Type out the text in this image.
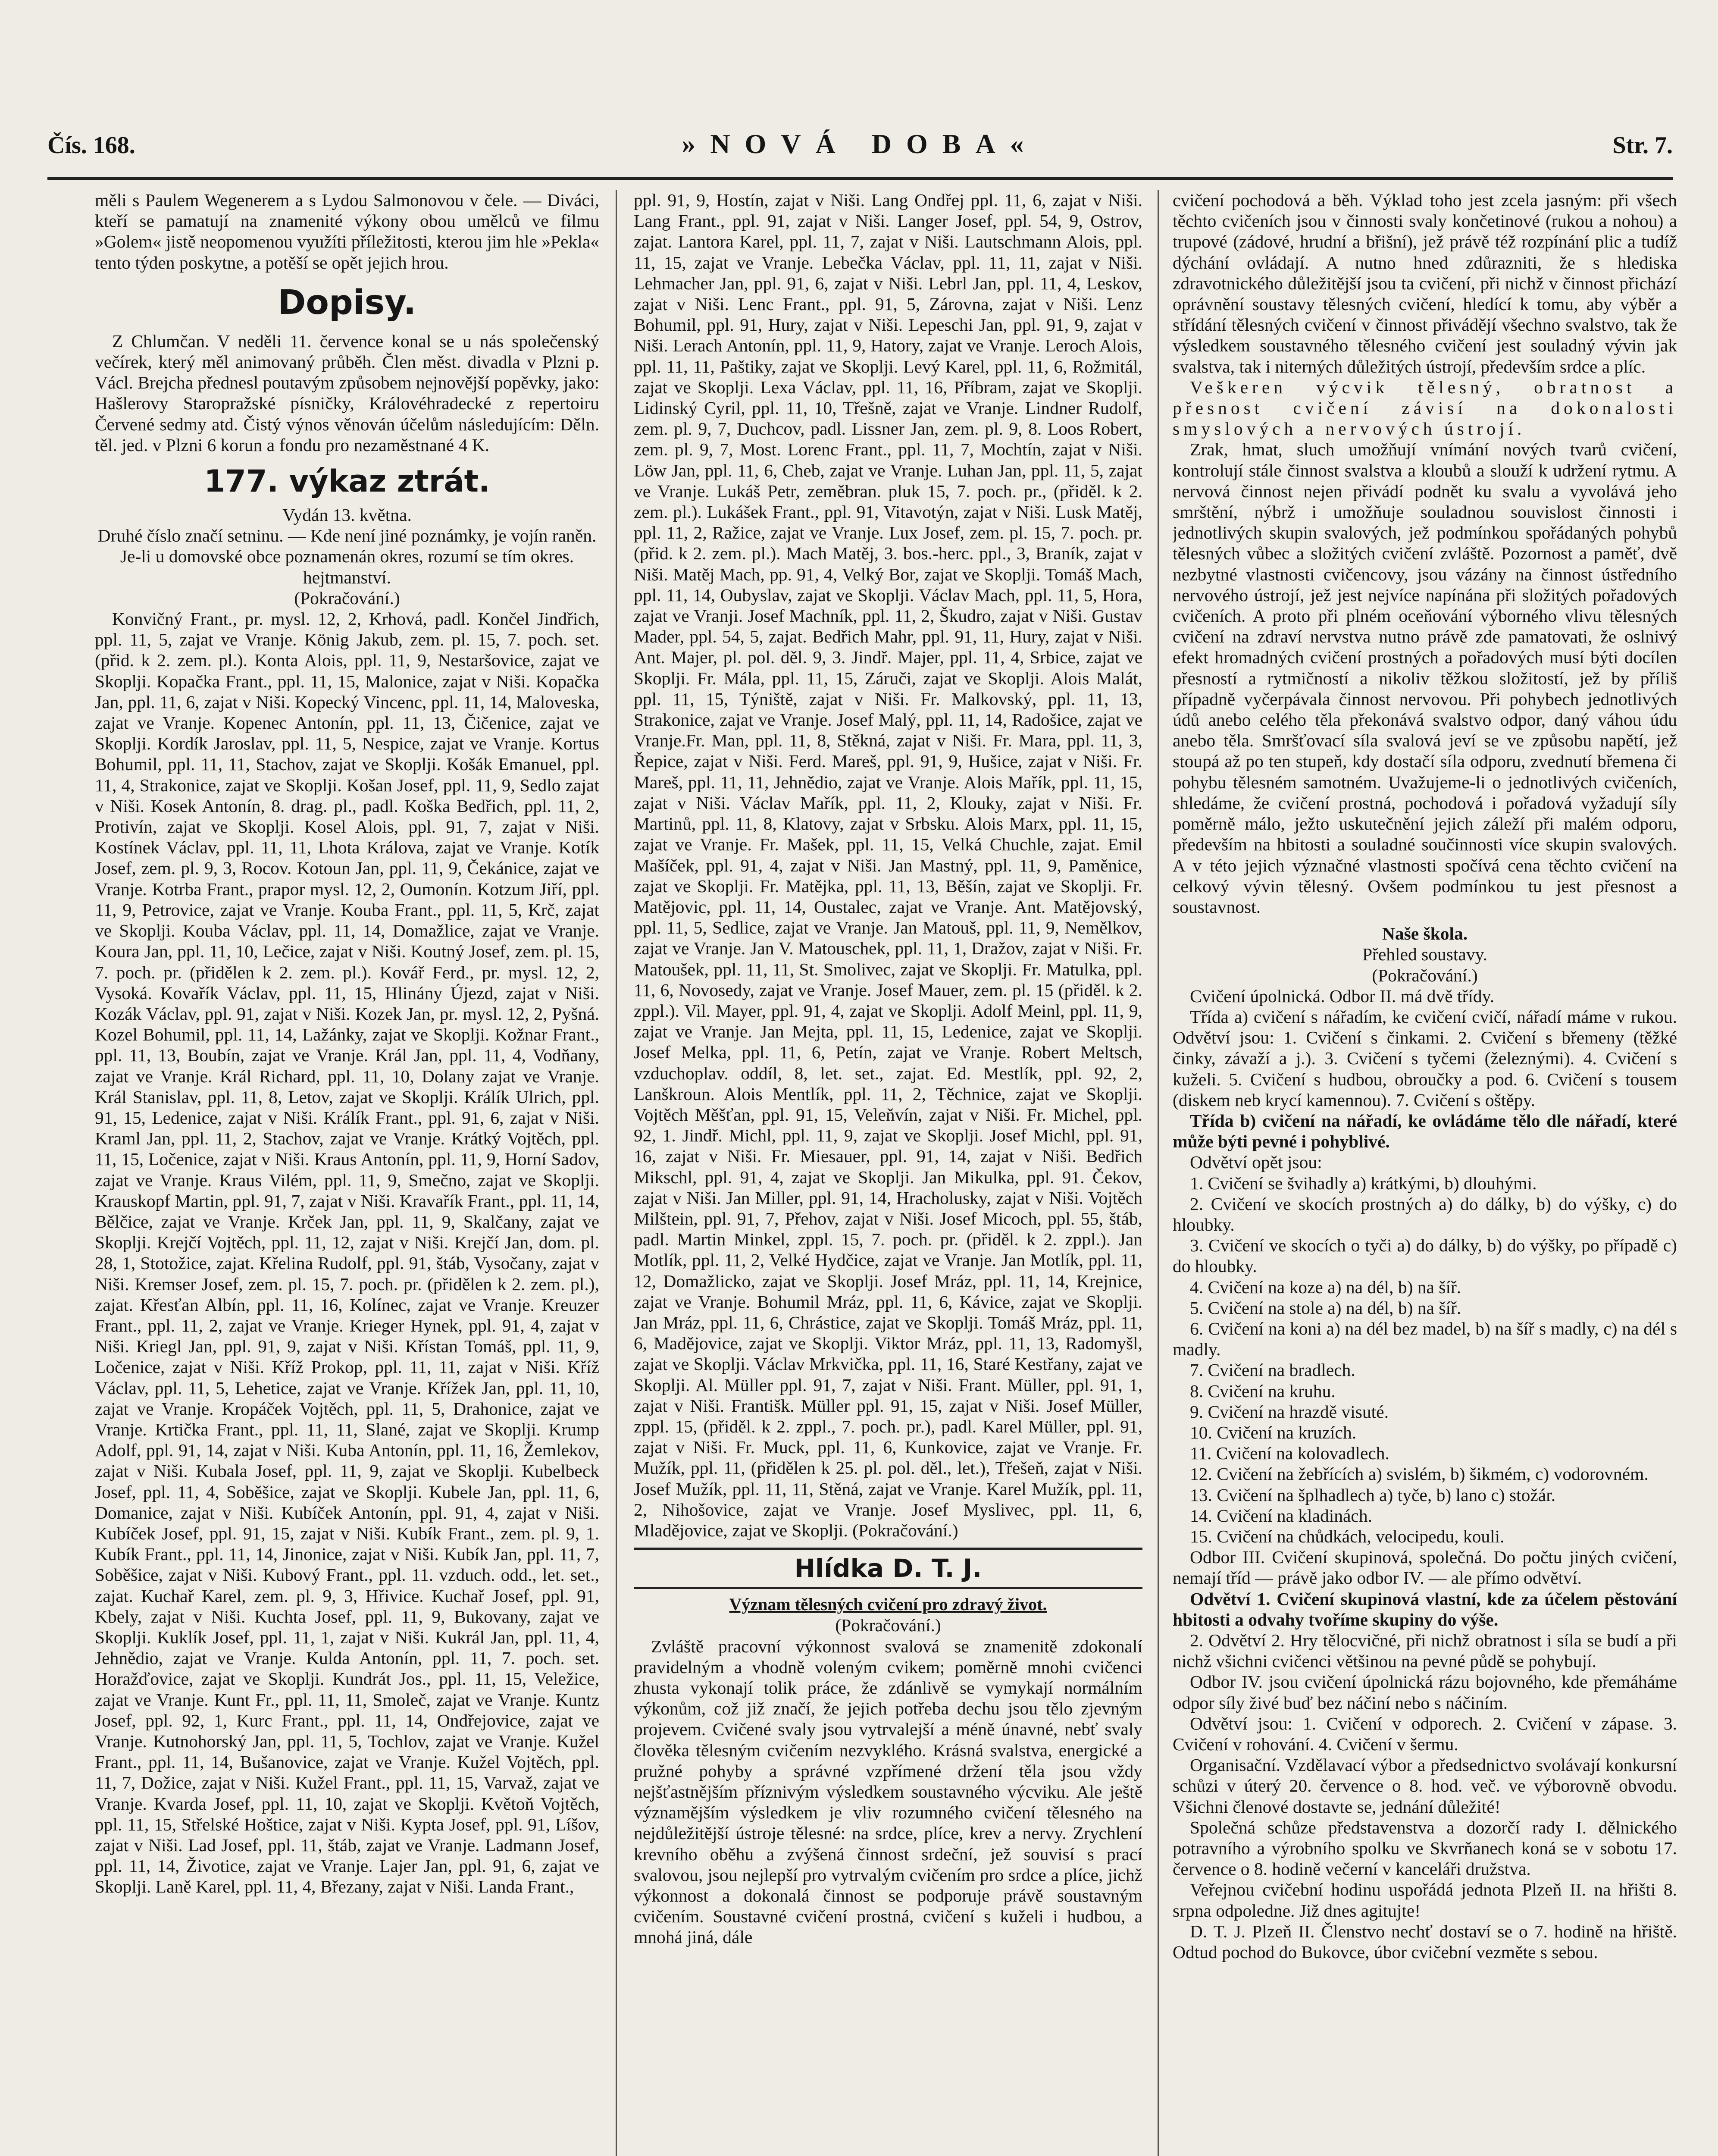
Čís. 168.	»NOVÁ DOBA«	Str. 7.

měli s Paulem Wegenerem a s Lydou Salmonovou v čele. — Diváci, kteří se pamatují na znamenité výkony obou umělců ve filmu »Golem« jistě neopomenou využíti příležitosti, kterou jim hle »Pekla« tento týden poskytne, a potěší se opět jejich hrou.

Dopisy.

Z Chlumčan. V neděli 11. července konal se u nás společenský večírek, který měl animovaný průběh. Člen měst. divadla v Plzni p. Václ. Brejcha přednesl poutavým způsobem nejnovější popěvky, jako: Hašlerovy Staropražské písničky, Královéhradecké z repertoiru Červené sedmy atd. Čistý výnos věnován účelům následujícím: Děln. těl. jed. v Plzni 6 korun a fondu pro nezaměstnané 4 K.

177. výkaz ztrát.

Vydán 13. května.

Druhé číslo značí setninu. — Kde není jiné poznámky, je vojín raněn.

Je-li u domovské obce poznamenán okres, rozumí se tím okres. hejtmanství.

(Pokračování.)

Konvičný Frant., pr. mysl. 12, 2, Krhová, padl. Končel Jindřich, ppl. 11, 5, zajat ve Vranje. König Jakub, zem. pl. 15, 7. poch. set. (přid. k 2. zem. pl.). Konta Alois, ppl. 11, 9, Nestaršovice, zajat ve Skoplji. Kopačka Frant., ppl. 11, 15, Malonice, zajat v Niši. Kopačka Jan, ppl. 11, 6, zajat v Niši. Kopecký Vincenc, ppl. 11, 14, Maloveska, zajat ve Vranje. Kopenec Antonín, ppl. 11, 13, Čičenice, zajat ve Skoplji. Kordík Jaroslav, ppl. 11, 5, Nespice, zajat ve Vranje. Kortus Bohumil, ppl. 11, 11, Stachov, zajat ve Skoplji. Košák Emanuel, ppl. 11, 4, Strakonice, zajat ve Skoplji. Košan Josef, ppl. 11, 9, Sedlo zajat v Niši. Kosek Antonín, 8. drag. pl., padl. Koška Bedřich, ppl. 11, 2, Protivín, zajat ve Skoplji. Kosel Alois, ppl. 91, 7, zajat v Niši. Kostínek Václav, ppl. 11, 11, Lhota Králova, zajat ve Vranje. Kotík Josef, zem. pl. 9, 3, Rocov. Kotoun Jan, ppl. 11, 9, Čekánice, zajat ve Vranje. Kotrba Frant., prapor mysl. 12, 2, Oumonín. Kotzum Jiří, ppl. 11, 9, Petrovice, zajat ve Vranje. Kouba Frant., ppl. 11, 5, Krč, zajat ve Skoplji. Kouba Václav, ppl. 11, 14, Domažlice, zajat ve Vranje. Koura Jan, ppl. 11, 10, Lečice, zajat v Niši. Koutný Josef, zem. pl. 15, 7. poch. pr. (přidělen k 2. zem. pl.). Kovář Ferd., pr. mysl. 12, 2, Vysoká. Kovařík Václav, ppl. 11, 15, Hlinány Újezd, zajat v Niši. Kozák Václav, ppl. 91, zajat v Niši. Kozek Jan, pr. mysl. 12, 2, Pyšná. Kozel Bohumil, ppl. 11, 14, Lažánky, zajat ve Skoplji. Kožnar Frant., ppl. 11, 13, Boubín, zajat ve Vranje. Král Jan, ppl. 11, 4, Vodňany, zajat ve Vranje. Král Richard, ppl. 11, 10, Dolany zajat ve Vranje. Král Stanislav, ppl. 11, 8, Letov, zajat ve Skoplji. Králík Ulrich, ppl. 91, 15, Ledenice, zajat v Niši. Králík Frant., ppl. 91, 6, zajat v Niši. Kraml Jan, ppl. 11, 2, Stachov, zajat ve Vranje. Krátký Vojtěch, ppl. 11, 15, Ločenice, zajat v Niši. Kraus Antonín, ppl. 11, 9, Horní Sadov, zajat ve Vranje. Kraus Vilém, ppl. 11, 9, Smečno, zajat ve Skoplji. Krauskopf Martin, ppl. 91, 7, zajat v Niši. Kravařík Frant., ppl. 11, 14, Bělčice, zajat ve Vranje. Krček Jan, ppl. 11, 9, Skalčany, zajat ve Skoplji. Krejčí Vojtěch, ppl. 11, 12, zajat v Niši. Krejčí Jan, dom. pl. 28, 1, Stotožice, zajat. Křelina Rudolf, ppl. 91, štáb, Vysočany, zajat v Niši. Kremser Josef, zem. pl. 15, 7. poch. pr. (přidělen k 2. zem. pl.), zajat. Křesťan Albín, ppl. 11, 16, Kolínec, zajat ve Vranje. Kreuzer Frant., ppl. 11, 2, zajat ve Vranje. Krieger Hynek, ppl. 91, 4, zajat v Niši. Kriegl Jan, ppl. 91, 9, zajat v Niši. Křístan Tomáš, ppl. 11, 9, Ločenice, zajat v Niši. Kříž Prokop, ppl. 11, 11, zajat v Niši. Kříž Václav, ppl. 11, 5, Lehetice, zajat ve Vranje. Křížek Jan, ppl. 11, 10, zajat ve Vranje. Kropáček Vojtěch, ppl. 11, 5, Drahonice, zajat ve Vranje. Krtička Frant., ppl. 11, 11, Slané, zajat ve Skoplji. Krump Adolf, ppl. 91, 14, zajat v Niši. Kuba Antonín, ppl. 11, 16, Žemlekov, zajat v Niši. Kubala Josef, ppl. 11, 9, zajat ve Skoplji. Kubelbeck Josef, ppl. 11, 4, Soběšice, zajat ve Skoplji. Kubele Jan, ppl. 11, 6, Domanice, zajat v Niši. Kubíček Antonín, ppl. 91, 4, zajat v Niši. Kubíček Josef, ppl. 91, 15, zajat v Niši. Kubík Frant., zem. pl. 9, 1. Kubík Frant., ppl. 11, 14, Jinonice, zajat v Niši. Kubík Jan, ppl. 11, 7, Soběšice, zajat v Niši. Kubový Frant., ppl. 11. vzduch. odd., let. set., zajat. Kuchař Karel, zem. pl. 9, 3, Hřivice. Kuchař Josef, ppl. 91, Kbely, zajat v Niši. Kuchta Josef, ppl. 11, 9, Bukovany, zajat ve Skoplji. Kuklík Josef, ppl. 11, 1, zajat v Niši. Kukrál Jan, ppl. 11, 4, Jehnědio, zajat ve Vranje. Kulda Antonín, ppl. 11, 7. poch. set. Horažďovice, zajat ve Skoplji. Kundrát Jos., ppl. 11, 15, Veležice, zajat ve Vranje. Kunt Fr., ppl. 11, 11, Smoleč, zajat ve Vranje. Kuntz Josef, ppl. 92, 1, Kurc Frant., ppl. 11, 14, Ondřejovice, zajat ve Vranje. Kutnohorský Jan, ppl. 11, 5, Tochlov, zajat ve Vranje. Kužel Frant., ppl. 11, 14, Bušanovice, zajat ve Vranje. Kužel Vojtěch, ppl. 11, 7, Dožice, zajat v Niši. Kužel Frant., ppl. 11, 15, Varvaž, zajat ve Vranje. Kvarda Josef, ppl. 11, 10, zajat ve Skoplji. Květoň Vojtěch, ppl. 11, 15, Střelské Hoštice, zajat v Niši. Kypta Josef, ppl. 91, Líšov, zajat v Niši. Lad Josef, ppl. 11, štáb, zajat ve Vranje. Ladmann Josef, ppl. 11, 14, Životice, zajat ve Vranje. Lajer Jan, ppl. 91, 6, zajat ve Skoplji. Laně Karel, ppl. 11, 4, Březany, zajat v Niši. Landa Frant.,

ppl. 91, 9, Hostín, zajat v Niši. Lang Ondřej ppl. 11, 6, zajat v Niši. Lang Frant., ppl. 91, zajat v Niši. Langer Josef, ppl. 54, 9, Ostrov, zajat. Lantora Karel, ppl. 11, 7, zajat v Niši. Lautschmann Alois, ppl. 11, 15, zajat ve Vranje. Lebečka Václav, ppl. 11, 11, zajat v Niši. Lehmacher Jan, ppl. 91, 6, zajat v Niši. Lebrl Jan, ppl. 11, 4, Leskov, zajat v Niši. Lenc Frant., ppl. 91, 5, Zárovna, zajat v Niši. Lenz Bohumil, ppl. 91, Hury, zajat v Niši. Lepeschi Jan, ppl. 91, 9, zajat v Niši. Lerach Antonín, ppl. 11, 9, Hatory, zajat ve Vranje. Leroch Alois, ppl. 11, 11, Paštiky, zajat ve Skoplji. Levý Karel, ppl. 11, 6, Rožmitál, zajat ve Skoplji. Lexa Václav, ppl. 11, 16, Příbram, zajat ve Skoplji. Lidinský Cyril, ppl. 11, 10, Třešně, zajat ve Vranje. Lindner Rudolf, zem. pl. 9, 7, Duchcov, padl. Lissner Jan, zem. pl. 9, 8. Loos Robert, zem. pl. 9, 7, Most. Lorenc Frant., ppl. 11, 7, Mochtín, zajat v Niši. Löw Jan, ppl. 11, 6, Cheb, zajat ve Vranje. Luhan Jan, ppl. 11, 5, zajat ve Vranje. Lukáš Petr, zeměbran. pluk 15, 7. poch. pr., (přiděl. k 2. zem. pl.). Lukášek Frant., ppl. 91, Vitavotýn, zajat v Niši. Lusk Matěj, ppl. 11, 2, Ražice, zajat ve Vranje. Lux Josef, zem. pl. 15, 7. poch. pr. (přid. k 2. zem. pl.). Mach Matěj, 3. bos.-herc. ppl., 3, Braník, zajat v Niši. Matěj Mach, pp. 91, 4, Velký Bor, zajat ve Skoplji. Tomáš Mach, ppl. 11, 14, Oubyslav, zajat ve Skoplji. Václav Mach, ppl. 11, 5, Hora, zajat ve Vranji. Josef Machník, ppl. 11, 2, Škudro, zajat v Niši. Gustav Mader, ppl. 54, 5, zajat. Bedřich Mahr, ppl. 91, 11, Hury, zajat v Niši. Ant. Majer, pl. pol. děl. 9, 3. Jindř. Majer, ppl. 11, 4, Srbice, zajat ve Skoplji. Fr. Mála, ppl. 11, 15, Záruči, zajat ve Skoplji. Alois Malát, ppl. 11, 15, Týniště, zajat v Niši. Fr. Malkovský, ppl. 11, 13, Strakonice, zajat ve Vranje. Josef Malý, ppl. 11, 14, Radošice, zajat ve Vranje.Fr. Man, ppl. 11, 8, Stěkná, zajat v Niši. Fr. Mara, ppl. 11, 3, Řepice, zajat v Niši. Ferd. Mareš, ppl. 91, 9, Hušice, zajat v Niši. Fr. Mareš, ppl. 11, 11, Jehnědio, zajat ve Vranje. Alois Mařík, ppl. 11, 15, zajat v Niši. Václav Mařík, ppl. 11, 2, Klouky, zajat v Niši. Fr. Martinů, ppl. 11, 8, Klatovy, zajat v Srbsku. Alois Marx, ppl. 11, 15, zajat ve Vranje. Fr. Mašek, ppl. 11, 15, Velká Chuchle, zajat. Emil Mašíček, ppl. 91, 4, zajat v Niši. Jan Mastný, ppl. 11, 9, Paměnice, zajat ve Skoplji. Fr. Matějka, ppl. 11, 13, Běšín, zajat ve Skoplji. Fr. Matějovic, ppl. 11, 14, Oustalec, zajat ve Vranje. Ant. Matějovský, ppl. 11, 5, Sedlice, zajat ve Vranje. Jan Matouš, ppl. 11, 9, Nemělkov, zajat ve Vranje. Jan V. Matouschek, ppl. 11, 1, Dražov, zajat v Niši. Fr. Matoušek, ppl. 11, 11, St. Smolivec, zajat ve Skoplji. Fr. Matulka, ppl. 11, 6, Novosedy, zajat ve Vranje. Josef Mauer, zem. pl. 15 (přiděl. k 2. zppl.). Vil. Mayer, ppl. 91, 4, zajat ve Skoplji. Adolf Meinl, ppl. 11, 9, zajat ve Vranje. Jan Mejta, ppl. 11, 15, Ledenice, zajat ve Skoplji. Josef Melka, ppl. 11, 6, Petín, zajat ve Vranje. Robert Meltsch, vzduchoplav. oddíl, 8, let. set., zajat. Ed. Mestlík, ppl. 92, 2, Lanškroun. Alois Mentlík, ppl. 11, 2, Těchnice, zajat ve Skoplji. Vojtěch Měšťan, ppl. 91, 15, Veleňvín, zajat v Niši. Fr. Michel, ppl. 92, 1. Jindř. Michl, ppl. 11, 9, zajat ve Skoplji. Josef Michl, ppl. 91, 16, zajat v Niši. Fr. Miesauer, ppl. 91, 14, zajat v Niši. Bedřich Mikschl, ppl. 91, 4, zajat ve Skoplji. Jan Mikulka, ppl. 91. Čekov, zajat v Niši. Jan Miller, ppl. 91, 14, Hracholusky, zajat v Niši. Vojtěch Milštein, ppl. 91, 7, Přehov, zajat v Niši. Josef Micoch, ppl. 55, štáb, padl. Martin Minkel, zppl. 15, 7. poch. pr. (přiděl. k 2. zppl.). Jan Motlík, ppl. 11, 2, Velké Hydčice, zajat ve Vranje. Jan Motlík, ppl. 11, 12, Domažlicko, zajat ve Skoplji. Josef Mráz, ppl. 11, 14, Krejnice, zajat ve Vranje. Bohumil Mráz, ppl. 11, 6, Kávice, zajat ve Skoplji. Jan Mráz, ppl. 11, 6, Chrástice, zajat ve Skoplji. Tomáš Mráz, ppl. 11, 6, Madějovice, zajat ve Skoplji. Viktor Mráz, ppl. 11, 13, Radomyšl, zajat ve Skoplji. Václav Mrkvička, ppl. 11, 16, Staré Kestřany, zajat ve Skoplji. Al. Müller ppl. 91, 7, zajat v Niši. Frant. Müller, ppl. 91, 1, zajat v Niši. Františk. Müller ppl. 91, 15, zajat v Niši. Josef Müller, zppl. 15, (přiděl. k 2. zppl., 7. poch. pr.), padl. Karel Müller, ppl. 91, zajat v Niši. Fr. Muck, ppl. 11, 6, Kunkovice, zajat ve Vranje. Fr. Mužík, ppl. 11, (přidělen k 25. pl. pol. děl., let.), Třešeň, zajat v Niši. Josef Mužík, ppl. 11, 11, Stěná, zajat ve Vranje. Karel Mužík, ppl. 11, 2, Nihošovice, zajat ve Vranje. Josef Myslivec, ppl. 11, 6, Mladějovice, zajat ve Skoplji. (Pokračování.)

Hlídka D. T. J.
Význam tělesných cvičení pro zdravý život.

(Pokračování.)

Zvláště pracovní výkonnost svalová se znamenitě zdokonalí pravidelným a vhodně voleným cvikem; poměrně mnohi cvičenci zhusta vykonají tolik práce, že zdánlivě se vymykají normálním výkonům, což již značí, že jejich potřeba dechu jsou tělo zjevným projevem. Cvičené svaly jsou vytrvalejší a méně únavné, nebť svaly člověka tělesným cvičením nezvyklého. Krásná svalstva, energické a pružné pohyby a správné vzpřímené držení těla jsou vždy nejšťastnějším příznivým výsledkem soustavného výcviku. Ale ještě významějším výsledkem je vliv rozumného cvičení tělesného na nejdůležitější ústroje tělesné: na srdce, plíce, krev a nervy. Zrychlení krevního oběhu a zvýšená činnost srdeční, jež souvisí s prací svalovou, jsou nejlepší pro vytrvalým cvičením pro srdce a plíce, jichž výkonnost a dokonalá činnost se podporuje právě soustavným cvičením. Soustavné cvičení prostná, cvičení s kuželi i hudbou, a mnohá jiná, dále

cvičení pochodová a běh. Výklad toho jest zcela jasným: při všech těchto cvičeních jsou v činnosti svaly končetinové (rukou a nohou) a trupové (zádové, hrudní a břišní), jež právě též rozpínání plic a tudíž dýchání ovládají. A nutno hned zdůrazniti, že s hlediska zdravotnického důležitější jsou ta cvičení, při nichž v činnost přichází oprávnění soustavy tělesných cvičení, hledící k tomu, aby výběr a střídání tělesných cvičení v činnost přivádějí všechno svalstvo, tak že výsledkem soustavného tělesného cvičení jest souladný vývin jak svalstva, tak i niterných důležitých ústrojí, především srdce a plíc.

Veškeren výcvik tělesný, obratnost a přesnost cvičení závisí na dokonalosti smyslových a nervových ústrojí.

Zrak, hmat, sluch umožňují vnímání nových tvarů cvičení, kontrolují stále činnost svalstva a kloubů a slouží k udržení rytmu. A nervová činnost nejen přivádí podnět ku svalu a vyvolává jeho smrštění, nýbrž i umožňuje souladnou souvislost činnosti i jednotlivých skupin svalových, jež podmínkou spořádaných pohybů tělesných vůbec a složitých cvičení zvláště. Pozornost a paměť, dvě nezbytné vlastnosti cvičencovy, jsou vázány na činnost ústředního nervového ústrojí, jež jest nejvíce napínána při složitých pořadových cvičeních. A proto při plném oceňování výborného vlivu tělesných cvičení na zdraví nervstva nutno právě zde pamatovati, že oslnivý efekt hromadných cvičení prostných a pořadových musí býti docílen přesností a rytmičností a nikoliv těžkou složitostí, jež by příliš případně vyčerpávala činnost nervovou. Při pohybech jednotlivých údů anebo celého těla překonává svalstvo odpor, daný váhou údu anebo těla. Smršťovací síla svalová jeví se ve způsobu napětí, jež stoupá až po ten stupeň, kdy dostačí síla odporu, zvednutí břemena či pohybu tělesném samotném. Uvažujeme-li o jednotlivých cvičeních, shledáme, že cvičení prostná, pochodová i pořadová vyžadují síly poměrně málo, ježto uskutečnění jejich záleží při malém odporu, především na hbitosti a souladné součinnosti více skupin svalových. A v této jejich význačné vlastnosti spočívá cena těchto cvičení na celkový vývin tělesný. Ovšem podmínkou tu jest přesnost a soustavnost.

Naše škola.

Přehled soustavy.

(Pokračování.)

Cvičení úpolnická. Odbor II. má dvě třídy.

Třída a) cvičení s nářadím, ke cvičení cvičí, nářadí máme v rukou. Odvětví jsou: 1. Cvičení s činkami. 2. Cvičení s břemeny (těžké činky, závaží a j.). 3. Cvičení s tyčemi (železnými). 4. Cvičení s kuželi. 5. Cvičení s hudbou, obroučky a pod. 6. Cvičení s tousem (diskem neb krycí kamennou). 7. Cvičení s oštěpy.

Třída b) cvičení na nářadí, ke ovládáme tělo dle nářadí, které může býti pevné i pohyblivé.

Odvětví opět jsou:

1. Cvičení se švihadly a) krátkými, b) dlouhými.

2. Cvičení ve skocích prostných a) do dálky, b) do výšky, c) do hloubky.

3. Cvičení ve skocích o tyči a) do dálky, b) do výšky, po případě c) do hloubky.

4. Cvičení na koze a) na dél, b) na šíř.

5. Cvičení na stole a) na dél, b) na šíř.

6. Cvičení na koni a) na dél bez madel, b) na šíř s madly, c) na dél s madly.

7. Cvičení na bradlech.

8. Cvičení na kruhu.

9. Cvičení na hrazdě visuté.

10. Cvičení na kruzích.

11. Cvičení na kolovadlech.

12. Cvičení na žebřících a) svislém, b) šikmém, c) vodorovném.

13. Cvičení na šplhadlech a) tyče, b) lano c) stožár.

14. Cvičení na kladinách.

15. Cvičení na chůdkách, velocipedu, kouli.

Odbor III. Cvičení skupinová, společná. Do počtu jiných cvičení, nemají tříd — právě jako odbor IV. — ale přímo odvětví.

Odvětví 1. Cvičení skupinová vlastní, kde za účelem pěstování hbitosti a odvahy tvoříme skupiny do výše.

2. Odvětví 2. Hry tělocvičné, při nichž obratnost i síla se budí a při nichž všichni cvičenci většinou na pevné půdě se pohybují.

Odbor IV. jsou cvičení úpolnická rázu bojovného, kde přemáháme odpor síly živé buď bez náčiní nebo s náčiním.

Odvětví jsou: 1. Cvičení v odporech. 2. Cvičení v zápase. 3. Cvičení v rohování. 4. Cvičení v šermu.

Organisační. Vzdělavací výbor a předsednictvo svolávají konkursní schůzi v úterý 20. července o 8. hod. več. ve výborovně obvodu. Všichni členové dostavte se, jednání důležité!

Společná schůze představenstva a dozorčí rady I. dělnického potravního a výrobního spolku ve Skvrňanech koná se v sobotu 17. července o 8. hodině večerní v kanceláři družstva.

Veřejnou cvičební hodinu uspořádá jednota Plzeň II. na hřišti 8. srpna odpoledne. Již dnes agitujte!

D. T. J. Plzeň II. Členstvo nechť dostaví se o 7. hodině na hřiště. Odtud pochod do Bukovce, úbor cvičební vezměte s sebou.
